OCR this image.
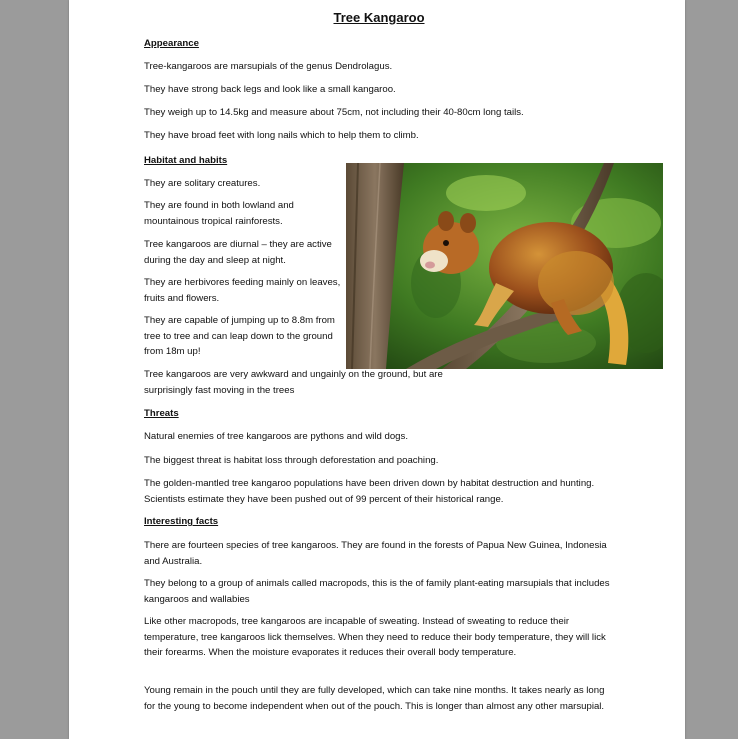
Tree Kangaroo

Appearance

Tree-kangaroos are marsupials of the genus Dendrolagus.

They have strong back legs and look like a small kangaroo.

They weigh up to 14.5kg and measure about 75cm, not including their 40-80cm long tails.

They have broad feet with long nails which to help them to climb.

Habitat and habits

They are solitary creatures.

They are found in both lowland and mountainous tropical rainforests.

Tree kangaroos are diurnal – they are active during the day and sleep at night.

They are herbivores feeding mainly on leaves, fruits and flowers.

They are capable of jumping up to 8.8m from tree to tree and can leap down to the ground from 18m up!

Tree kangaroos are very awkward and ungainly on the ground, but are surprisingly fast moving in the trees

Threats

Natural enemies of tree kangaroos are pythons and wild dogs.

The biggest threat is habitat loss through deforestation and poaching.

The golden-mantled tree kangaroo populations have been driven down by habitat destruction and hunting. Scientists estimate they have been pushed out of 99 percent of their historical range.

Interesting facts

There are fourteen species of tree kangaroos. They are found in the forests of Papua New Guinea, Indonesia and Australia.

They belong to a group of animals called macropods, this is the of family plant-eating marsupials that includes kangaroos and wallabies

Like other macropods, tree kangaroos are incapable of sweating. Instead of sweating to reduce their temperature, tree kangaroos lick themselves. When they need to reduce their body temperature, they will lick their forearms. When the moisture evaporates it reduces their overall body temperature.

Young remain in the pouch until they are fully developed, which can take nine months. It takes nearly as long for the young to become independent when out of the pouch. This is longer than almost any other marsupial.
